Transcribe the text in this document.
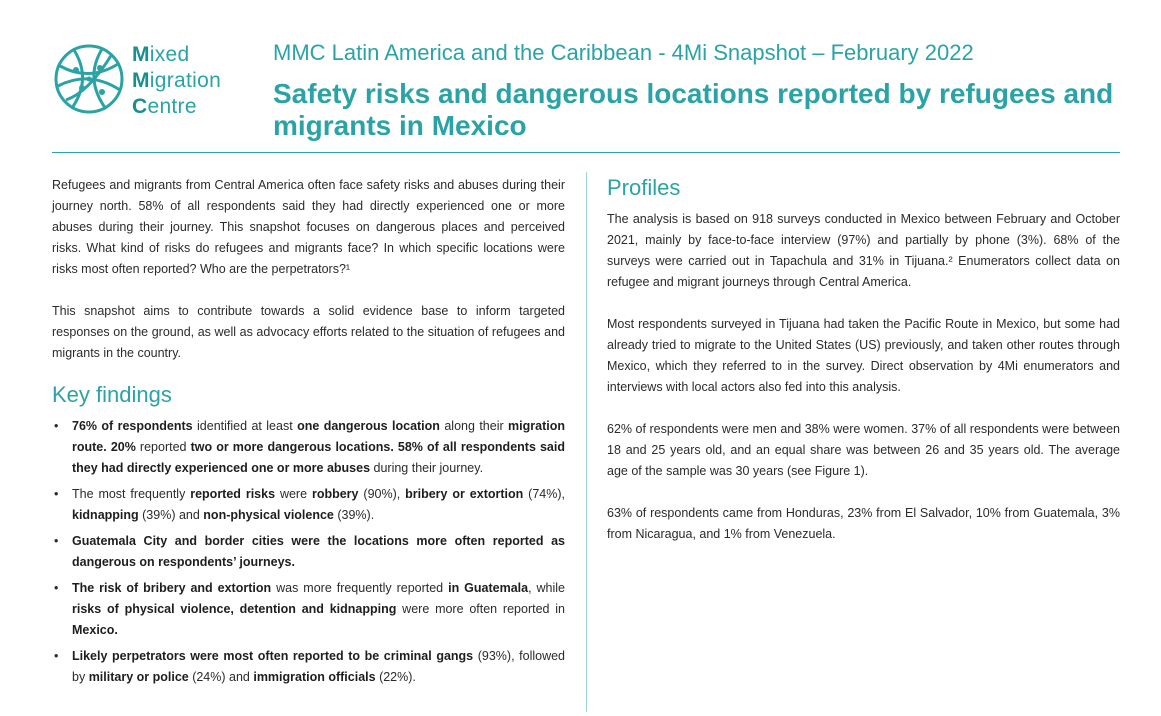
Mixed
Migration
Centre
MMC Latin America and the Caribbean - 4Mi Snapshot – February 2022
Safety risks and dangerous locations reported by refugees and migrants in Mexico

Refugees and migrants from Central America often face safety risks and abuses during their journey north. 58% of all respondents said they had directly experienced one or more abuses during their journey. This snapshot focuses on dangerous places and perceived risks. What kind of risks do refugees and migrants face? In which specific locations were risks most often reported? Who are the perpetrators?¹

This snapshot aims to contribute towards a solid evidence base to inform targeted responses on the ground, as well as advocacy efforts related to the situation of refugees and migrants in the country.

Key findings
• 76% of respondents identified at least one dangerous location along their migration route. 20% reported two or more dangerous locations. 58% of all respondents said they had directly experienced one or more abuses during their journey.
• The most frequently reported risks were robbery (90%), bribery or extortion (74%), kidnapping (39%) and non-physical violence (39%).
• Guatemala City and border cities were the locations more often reported as dangerous on respondents’ journeys.
• The risk of bribery and extortion was more frequently reported in Guatemala, while risks of physical violence, detention and kidnapping were more often reported in Mexico.
• Likely perpetrators were most often reported to be criminal gangs (93%), followed by military or police (24%) and immigration officials (22%).
Profiles

The analysis is based on 918 surveys conducted in Mexico between February and October 2021, mainly by face-to-face interview (97%) and partially by phone (3%). 68% of the surveys were carried out in Tapachula and 31% in Tijuana.² Enumerators collect data on refugee and migrant journeys through Central America.

Most respondents surveyed in Tijuana had taken the Pacific Route in Mexico, but some had already tried to migrate to the United States (US) previously, and taken other routes through Mexico, which they referred to in the survey. Direct observation by 4Mi enumerators and interviews with local actors also fed into this analysis.

62% of respondents were men and 38% were women. 37% of all respondents were between 18 and 25 years old, and an equal share was between 26 and 35 years old. The average age of the sample was 30 years (see Figure 1).

63% of respondents came from Honduras, 23% from El Salvador, 10% from Guatemala, 3% from Nicaragua, and 1% from Venezuela.
